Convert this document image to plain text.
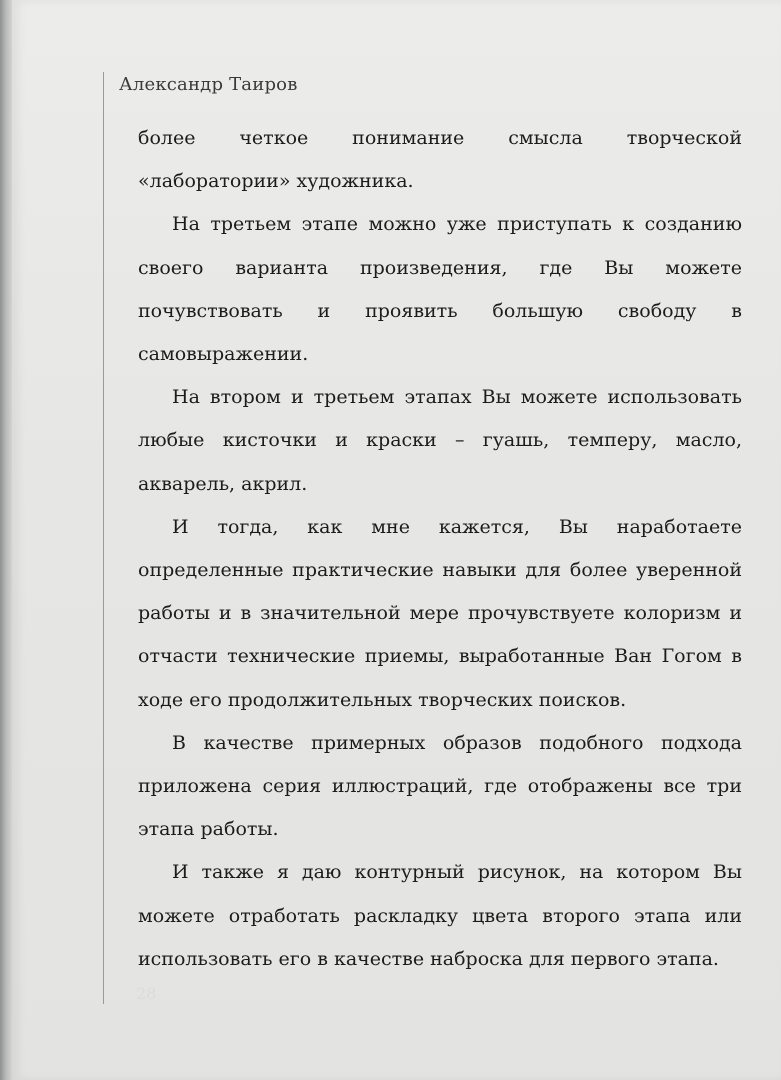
Александр Таиров

более четкое понимание смысла творческой «лаборатории» художника.

На третьем этапе можно уже приступать к созданию своего варианта произведения, где Вы можете почувствовать и проявить большую свободу в самовыражении.

На втором и третьем этапах Вы можете использовать любые кисточки и краски – гуашь, темперу, масло, акварель, акрил.

И тогда, как мне кажется, Вы наработаете определенные практические навыки для более уверенной работы и в значительной мере прочувствуете колоризм и отчасти технические приемы, выработанные Ван Гогом в ходе его продолжительных творческих поисков.

В качестве примерных образов подобного подхода приложена серия иллюстраций, где отображены все три этапа работы.

И также я даю контурный рисунок, на котором Вы можете отработать раскладку цвета второго этапа или использовать его в качестве наброска для первого этапа.

28
